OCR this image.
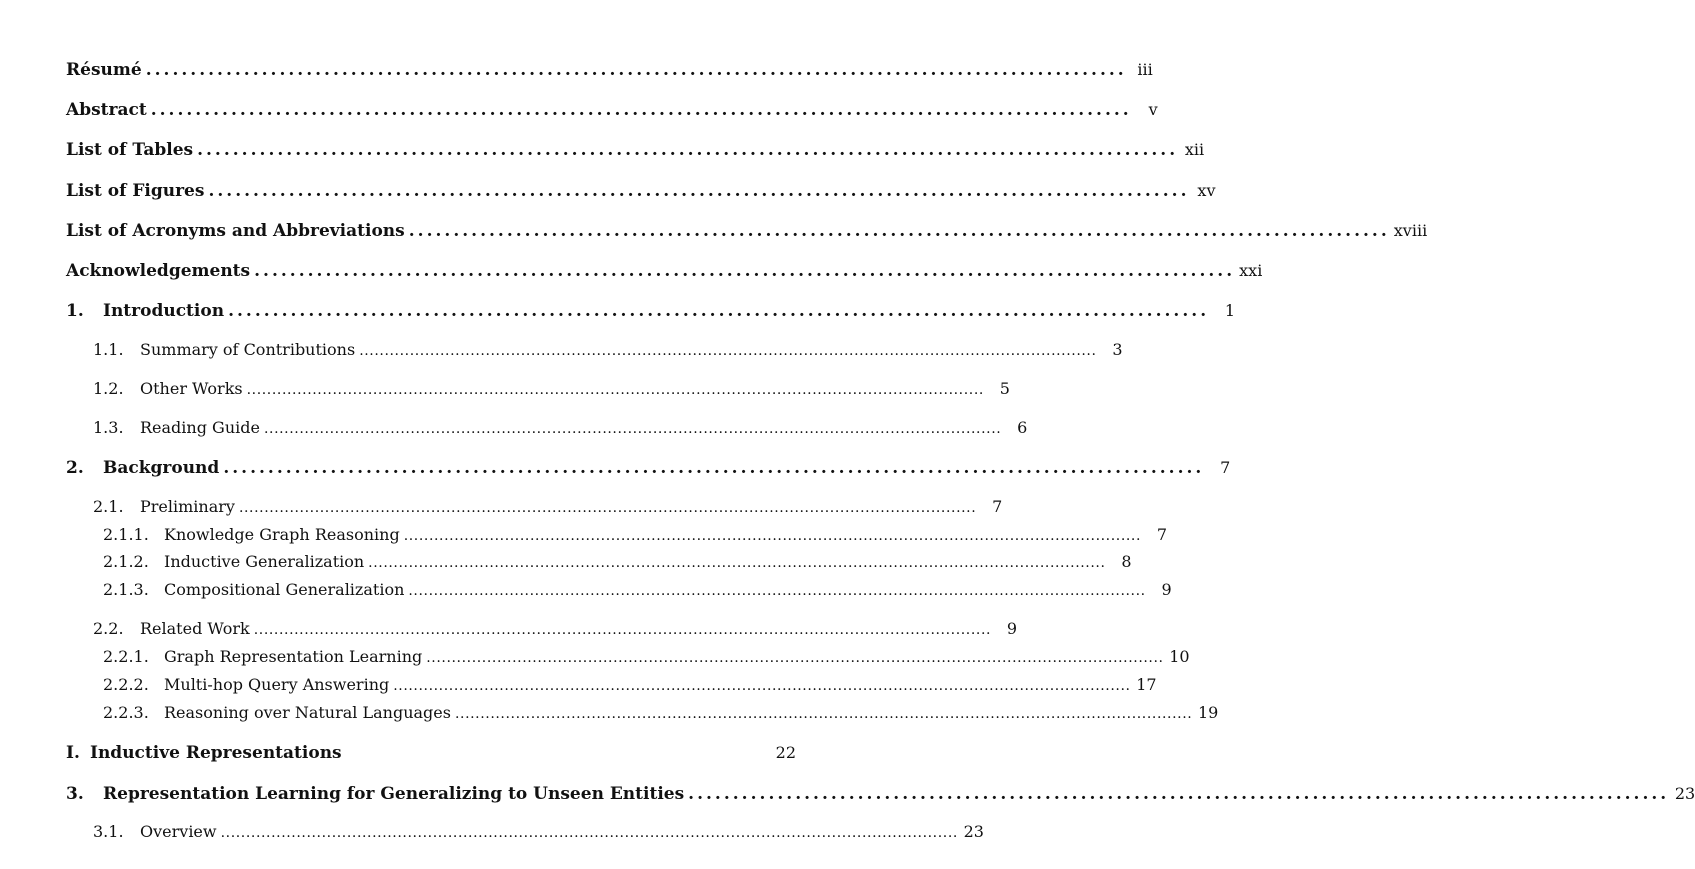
Résumé .............................................................................................................. iii
Abstract ..............................................................................................................	v
List of Tables .............................................................................................................. xii
List of Figures .............................................................................................................. xv
List of Acronyms and Abbreviations .............................................................................................................. xviii
Acknowledgements .............................................................................................................. xxi
1.	Introduction .............................................................................................................. 1
1.1.	Summary of Contributions .................................................................................................................................................. 3
1.2.	Other Works .................................................................................................................................................. 5
1.3.	Reading Guide .................................................................................................................................................. 6
2.	Background .............................................................................................................. 7
2.1.	Preliminary .................................................................................................................................................. 7
2.1.1. Knowledge Graph Reasoning .................................................................................................................................................. 7
2.1.2. Inductive Generalization .................................................................................................................................................. 8
2.1.3. Compositional Generalization .................................................................................................................................................. 9
2.2.	Related Work .................................................................................................................................................. 9
2.2.1. Graph Representation Learning .................................................................................................................................................. 10
2.2.2. Multi-hop Query Answering .................................................................................................................................................. 17
2.2.3. Reasoning over Natural Languages .................................................................................................................................................. 19
I. Inductive Representations	22
3.	Representation Learning for Generalizing to Unseen Entities .............................................................................................................. 23
3.1.	Overview .................................................................................................................................................. 23
